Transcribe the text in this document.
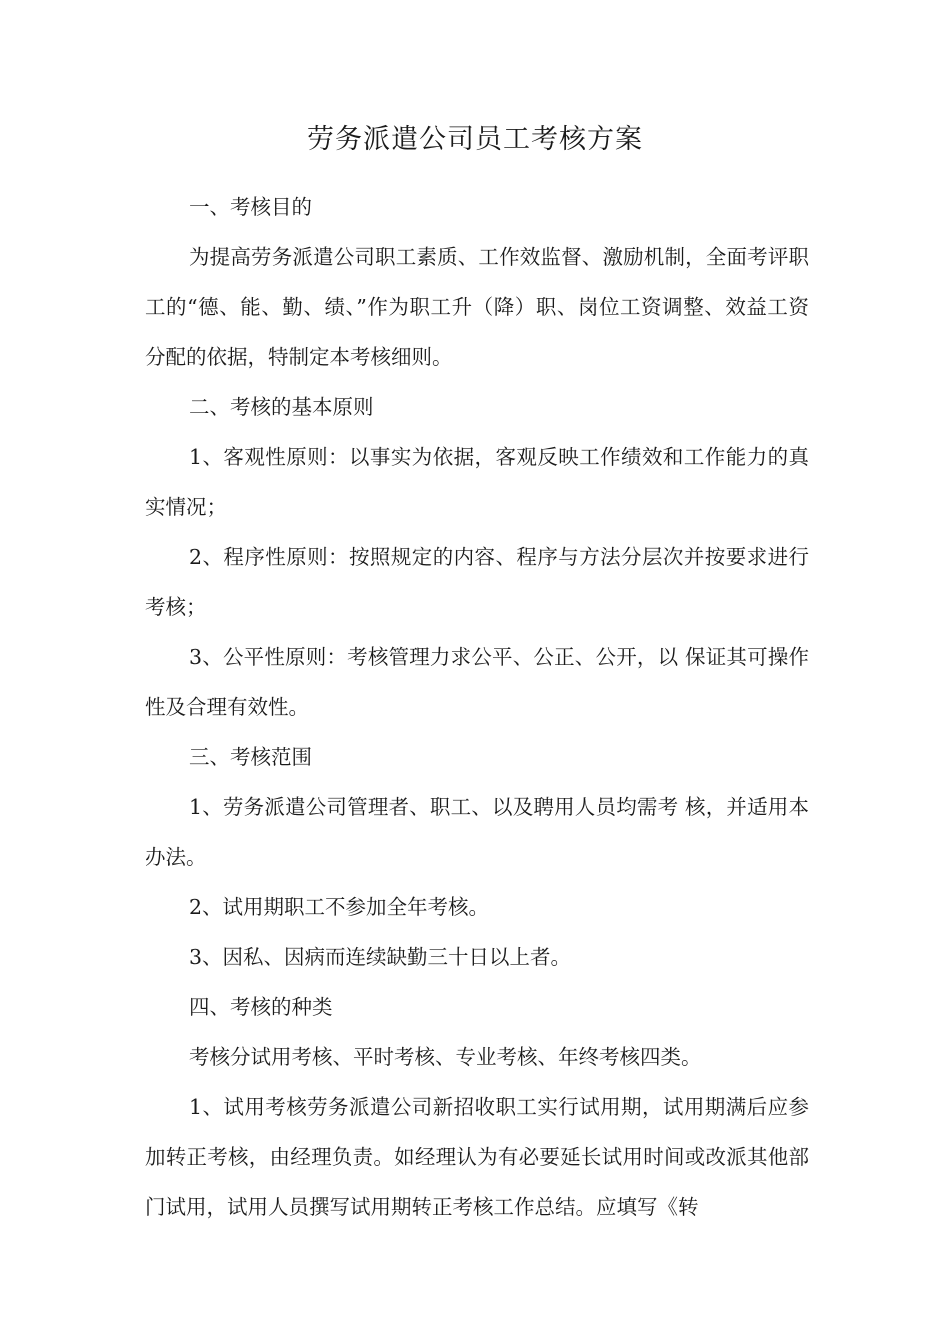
劳务派遣公司员工考核方案

一、考核目的

为提高劳务派遣公司职工素质、工作效监督、激励机制，全面考评职工的“德、能、勤、绩、”作为职工升（降）职、岗位工资调整、效益工资分配的依据，特制定本考核细则。

二、考核的基本原则

1、客观性原则：以事实为依据，客观反映工作绩效和工作能力的真实情况；

2、程序性原则：按照规定的内容、程序与方法分层次并按要求进行考核；

3、公平性原则：考核管理力求公平、公正、公开，以 保证其可操作性及合理有效性。

三、考核范围

1、劳务派遣公司管理者、职工、以及聘用人员均需考 核，并适用本办法。

2、试用期职工不参加全年考核。

3、因私、因病而连续缺勤三十日以上者。

四、考核的种类

考核分试用考核、平时考核、专业考核、年终考核四类。

1、试用考核劳务派遣公司新招收职工实行试用期，试用期满后应参加转正考核，由经理负责。如经理认为有必要延长试用时间或改派其他部门试用，试用人员撰写试用期转正考核工作总结。应填写《转
